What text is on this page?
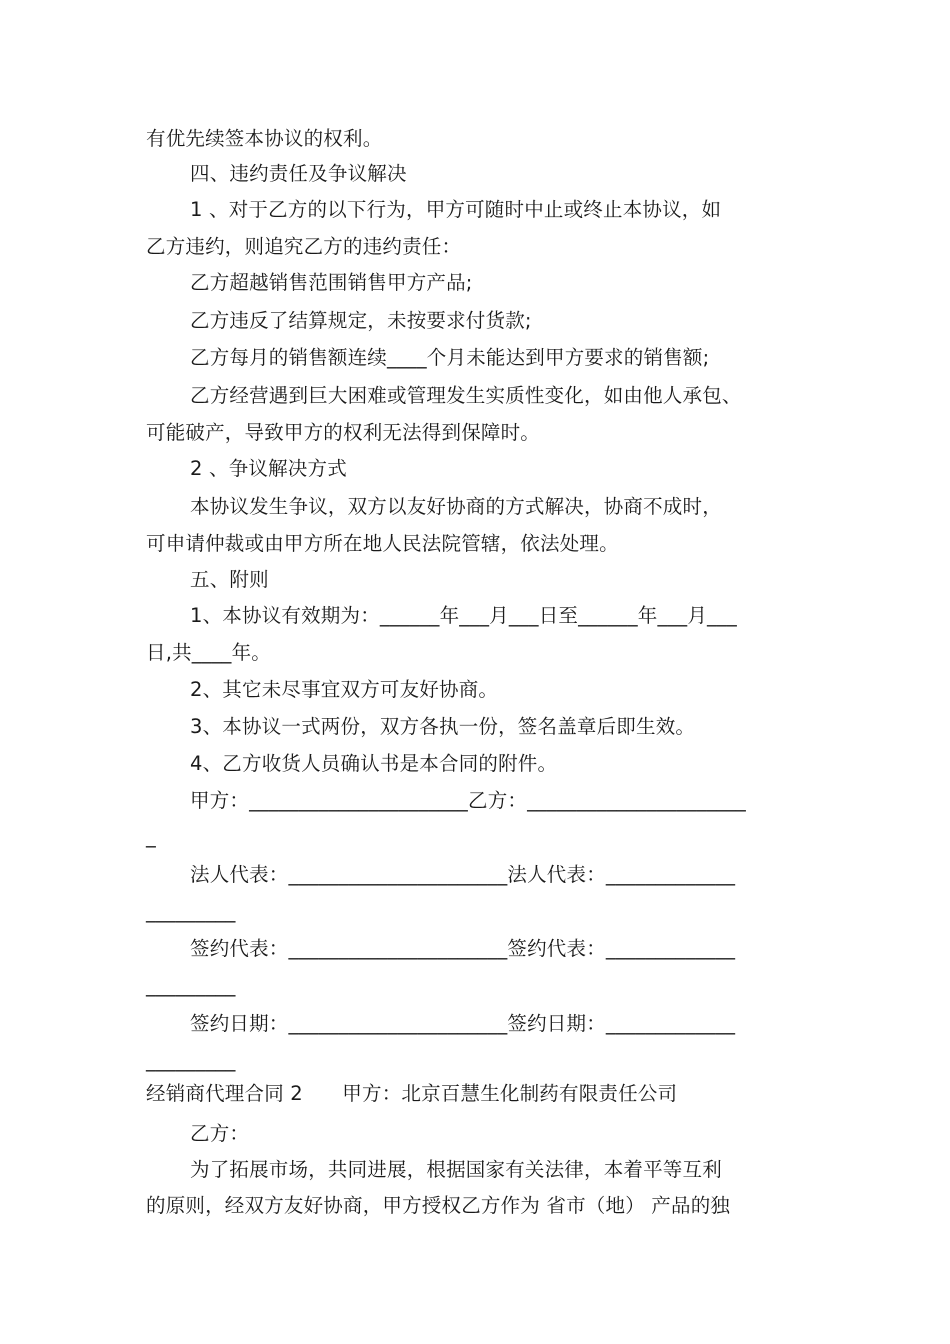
有优先续签本协议的权利。
四、违约责任及争议解决
1 、对于乙方的以下行为，甲方可随时中止或终止本协议，如
乙方违约，则追究乙方的违约责任：
乙方超越销售范围销售甲方产品;
乙方违反了结算规定，未按要求付货款;
乙方每月的销售额连续____个月未能达到甲方要求的销售额;
乙方经营遇到巨大困难或管理发生实质性变化，如由他人承包、
可能破产，导致甲方的权利无法得到保障时。
2 、争议解决方式
本协议发生争议，双方以友好协商的方式解决，协商不成时，
可申请仲裁或由甲方所在地人民法院管辖，依法处理。
五、附则
1、本协议有效期为：______年___月___日至______年___月___
日,共____年。
2、其它未尽事宜双方可友好协商。
3、本协议一式两份，双方各执一份，签名盖章后即生效。
4、乙方收货人员确认书是本合同的附件。
甲方：______________________乙方：______________________
_
法人代表：______________________法人代表：_____________
_________
签约代表：______________________签约代表：_____________
_________
签约日期：______________________签约日期：_____________
_________
经销商代理合同 2　　甲方：北京百慧生化制药有限责任公司
乙方：
为了拓展市场，共同进展，根据国家有关法律，本着平等互利
的原则，经双方友好协商，甲方授权乙方作为 省市（地） 产品的独
